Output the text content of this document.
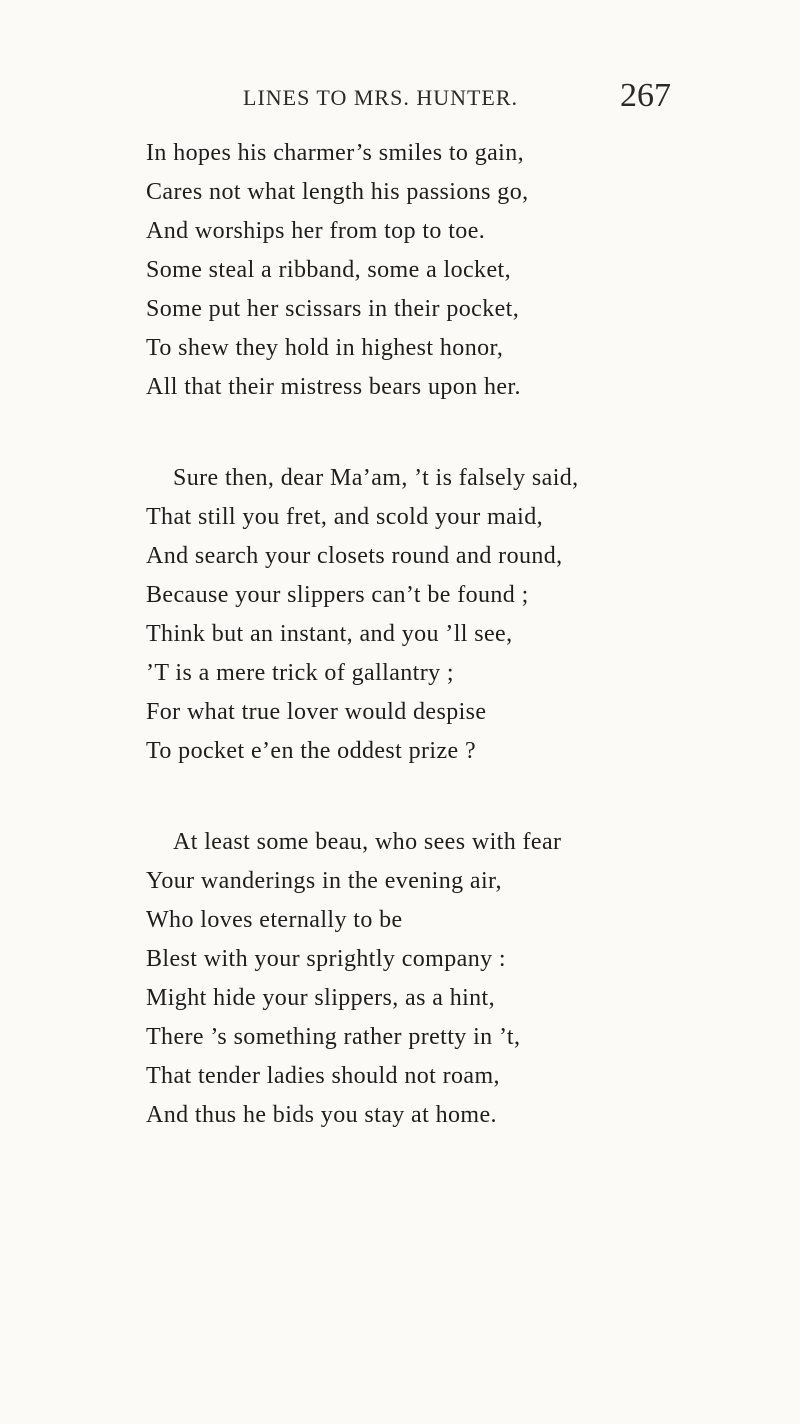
LINES TO MRS. HUNTER.	267
In hopes his charmer’s smiles to gain,
Cares not what length his passions go,
And worships her from top to toe.
Some steal a ribband, some a locket,
Some put her scissars in their pocket,
To shew they hold in highest honor,
All that their mistress bears upon her.
Sure then, dear Ma’am, ’t is falsely said,
That still you fret, and scold your maid,
And search your closets round and round,
Because your slippers can’t be found ;
Think but an instant, and you ’ll see,
’T is a mere trick of gallantry ;
For what true lover would despise
To pocket e’en the oddest prize ?
At least some beau, who sees with fear
Your wanderings in the evening air,
Who loves eternally to be
Blest with your sprightly company :
Might hide your slippers, as a hint,
There ’s something rather pretty in ’t,
That tender ladies should not roam,
And thus he bids you stay at home.
